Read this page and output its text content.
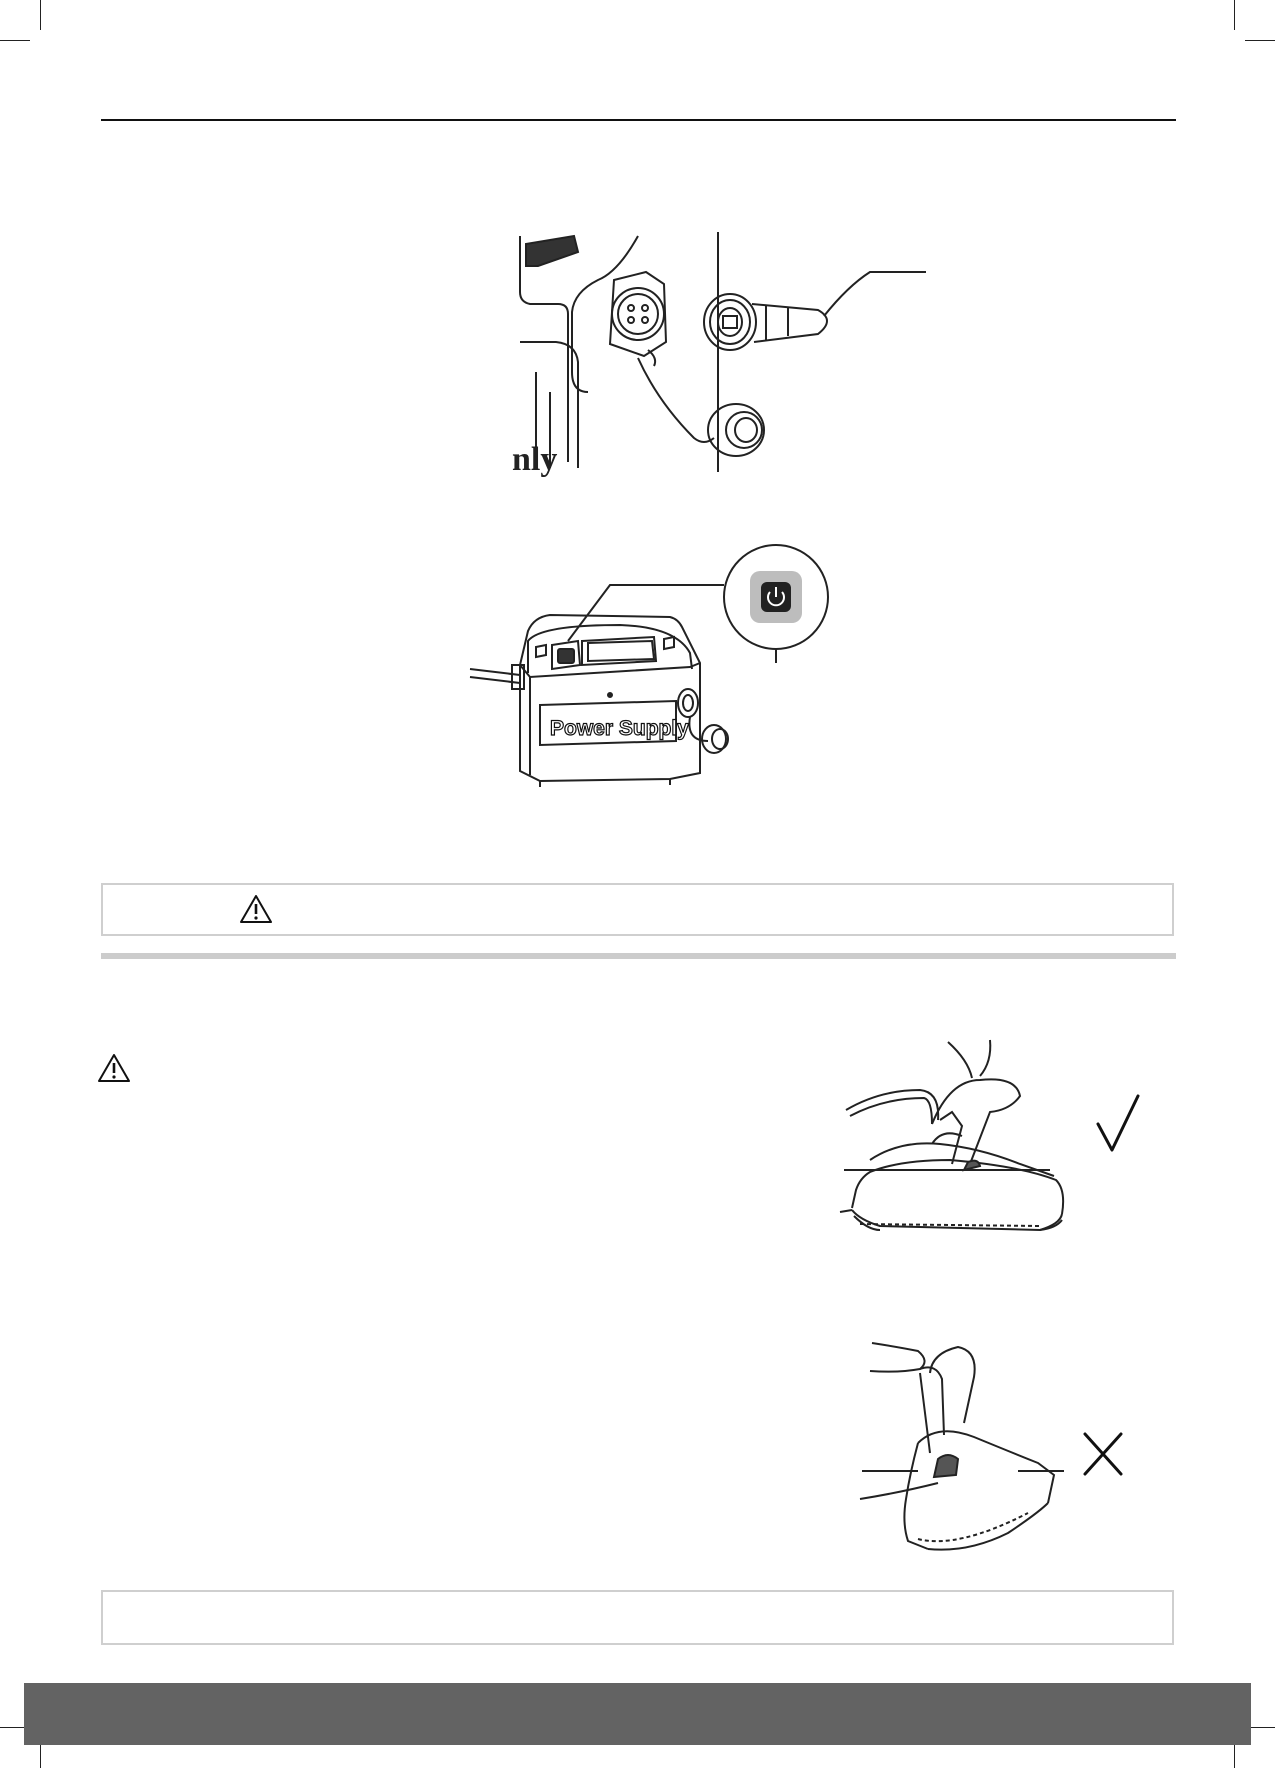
nly
Power Supply
